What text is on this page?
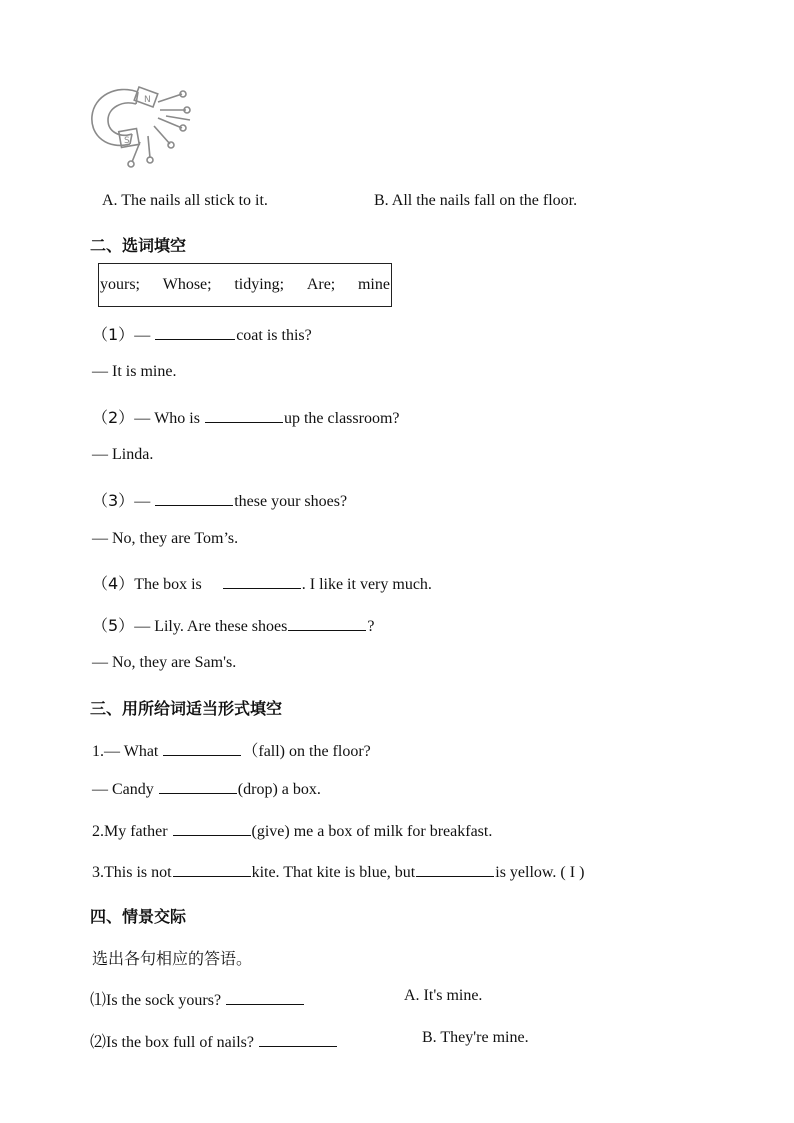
N
S
A. The nails all stick to it.	B. All the nails fall on the floor.
二、选词填空
yours; Whose; tidying; Are; mine
（1）—	coat is this?
— It is mine.
（2）— Who is	up the classroom?
— Linda.
（3）—	these your shoes?
— No, they are Tom’s.
（4）The box is	. I like it very much.
（5）— Lily. Are these shoes	?
— No, they are Sam's.
三、用所给词适当形式填空
1.— What	（fall) on the floor?
— Candy	(drop) a box.
2.My father	(give) me a box of milk for breakfast.
3.This is not	kite. That kite is blue, but	is yellow. ( I )
四、情景交际
选出各句相应的答语。
⑴Is the sock yours?	A. It's mine.
⑵Is the box full of nails?	B. They're mine.
